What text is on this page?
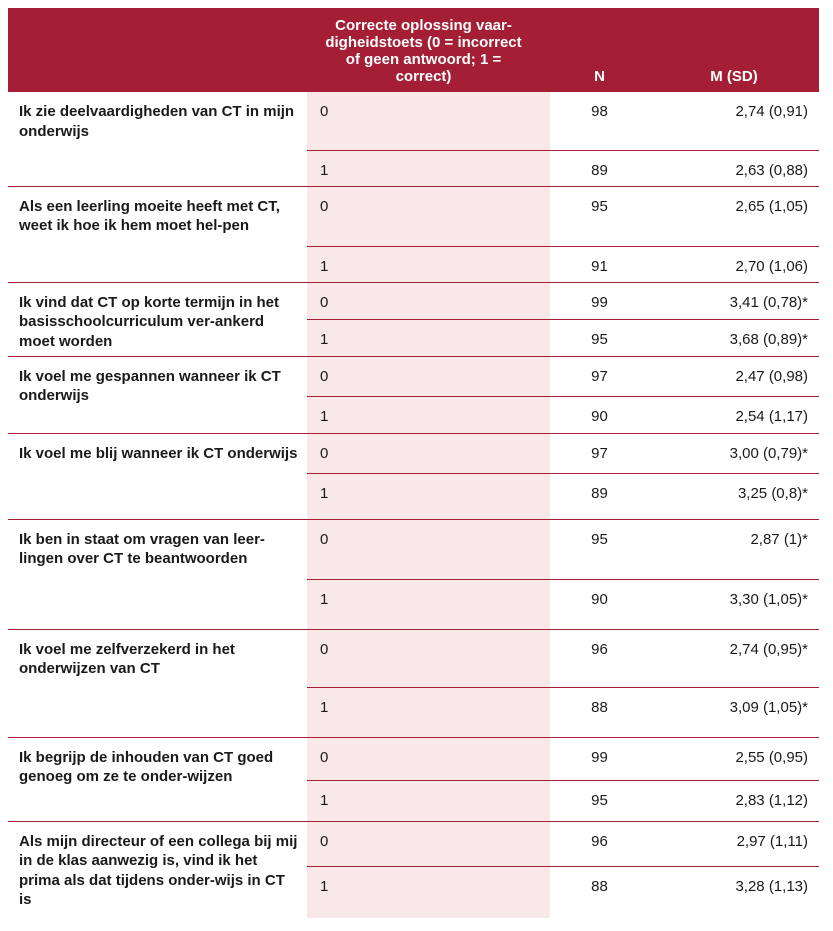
	Correcte oplossing vaar-digheidstoets (0 = incorrect of geen antwoord; 1 = correct)	N	M (SD)
Ik zie deelvaardigheden van CT in mijn onderwijs	0	98	2,74 (0,91)
	1	89	2,63 (0,88)
Als een leerling moeite heeft met CT, weet ik hoe ik hem moet hel-pen	0	95	2,65 (1,05)
	1	91	2,70 (1,06)
Ik vind dat CT op korte termijn in het basisschoolcurriculum ver-ankerd moet worden	0	99	3,41 (0,78)*
	1	95	3,68 (0,89)*
Ik voel me gespannen wanneer ik CT onderwijs	0	97	2,47 (0,98)
	1	90	2,54 (1,17)
Ik voel me blij wanneer ik CT onderwijs	0	97	3,00 (0,79)*
	1	89	3,25 (0,8)*
Ik ben in staat om vragen van leer-lingen over CT te beantwoorden	0	95	2,87 (1)*
	1	90	3,30 (1,05)*
Ik voel me zelfverzekerd in het onderwijzen van CT	0	96	2,74 (0,95)*
	1	88	3,09 (1,05)*
Ik begrijp de inhouden van CT goed genoeg om ze te onder-wijzen	0	99	2,55 (0,95)
	1	95	2,83 (1,12)
Als mijn directeur of een collega bij mij in de klas aanwezig is, vind ik het prima als dat tijdens onder-wijs in CT is	0	96	2,97 (1,11)
	1	88	3,28 (1,13)
